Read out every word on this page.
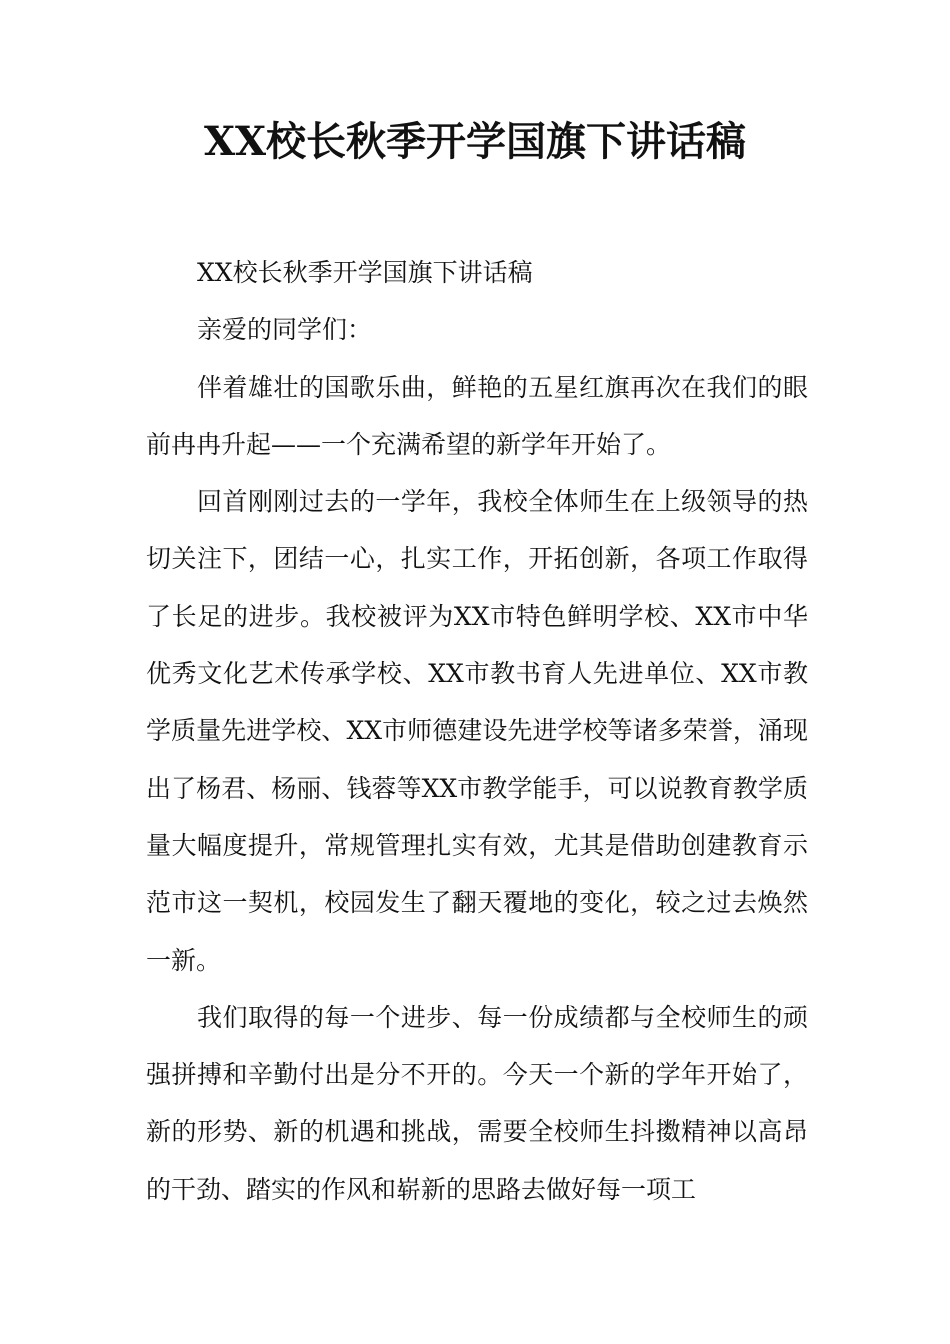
XX校长秋季开学国旗下讲话稿

XX校长秋季开学国旗下讲话稿

亲爱的同学们：

伴着雄壮的国歌乐曲，鲜艳的五星红旗再次在我们的眼前冉冉升起——一个充满希望的新学年开始了。

回首刚刚过去的一学年，我校全体师生在上级领导的热切关注下，团结一心，扎实工作，开拓创新，各项工作取得了长足的进步。我校被评为XX市特色鲜明学校、XX市中华优秀文化艺术传承学校、XX市教书育人先进单位、XX市教学质量先进学校、XX市师德建设先进学校等诸多荣誉，涌现出了杨君、杨丽、钱蓉等XX市教学能手，可以说教育教学质量大幅度提升，常规管理扎实有效，尤其是借助创建教育示范市这一契机，校园发生了翻天覆地的变化，较之过去焕然一新。

我们取得的每一个进步、每一份成绩都与全校师生的顽强拼搏和辛勤付出是分不开的。今天一个新的学年开始了，新的形势、新的机遇和挑战，需要全校师生抖擞精神以高昂的干劲、踏实的作风和崭新的思路去做好每一项工
